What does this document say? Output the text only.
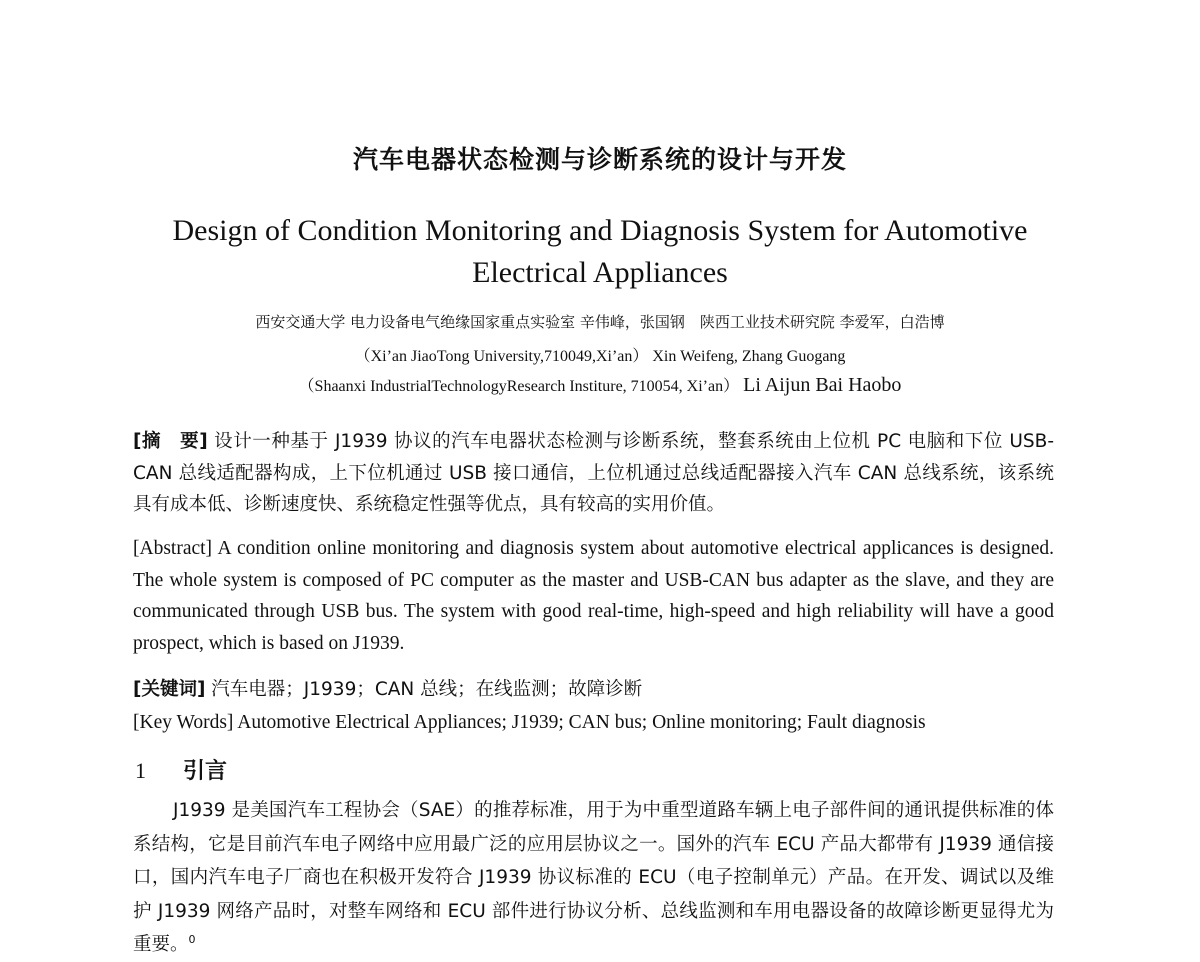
汽车电器状态检测与诊断系统的设计与开发
Design of Condition Monitoring and Diagnosis System for Automotive
Electrical Appliances
西安交通大学 电力设备电气绝缘国家重点实验室 辛伟峰，张国钢　陕西工业技术研究院 李爱军，白浩博
（Xi’an JiaoTong University,710049,Xi’an） Xin Weifeng, Zhang Guogang
（Shaanxi IndustrialTechnologyResearch Institure, 710054, Xi’an） Li Aijun Bai Haobo
[摘　要] 设计一种基于 J1939 协议的汽车电器状态检测与诊断系统，整套系统由上位机 PC 电脑和下位 USB-CAN 总线适配器构成，上下位机通过 USB 接口通信，上位机通过总线适配器接入汽车 CAN 总线系统，该系统具有成本低、诊断速度快、系统稳定性强等优点，具有较高的实用价值。
[Abstract] A condition online monitoring and diagnosis system about automotive electrical applicances is designed. The whole system is composed of PC computer as the master and USB-CAN bus adapter as the slave, and they are communicated through USB bus. The system with good real-time, high-speed and high reliability will have a good prospect, which is based on J1939.
[关键词] 汽车电器；J1939；CAN 总线；在线监测；故障诊断
[Key Words] Automotive Electrical Appliances; J1939; CAN bus; Online monitoring; Fault diagnosis
1 引言
J1939 是美国汽车工程协会（SAE）的推荐标准，用于为中重型道路车辆上电子部件间的通讯提供标准的体系结构，它是目前汽车电子网络中应用最广泛的应用层协议之一。国外的汽车 ECU 产品大都带有 J1939 通信接口，国内汽车电子厂商也在积极开发符合 J1939 协议标准的 ECU（电子控制单元）产品。在开发、调试以及维护 J1939 网络产品时，对整车网络和 ECU 部件进行协议分析、总线监测和车用电器设备的故障诊断更显得尤为重要。$^0$
